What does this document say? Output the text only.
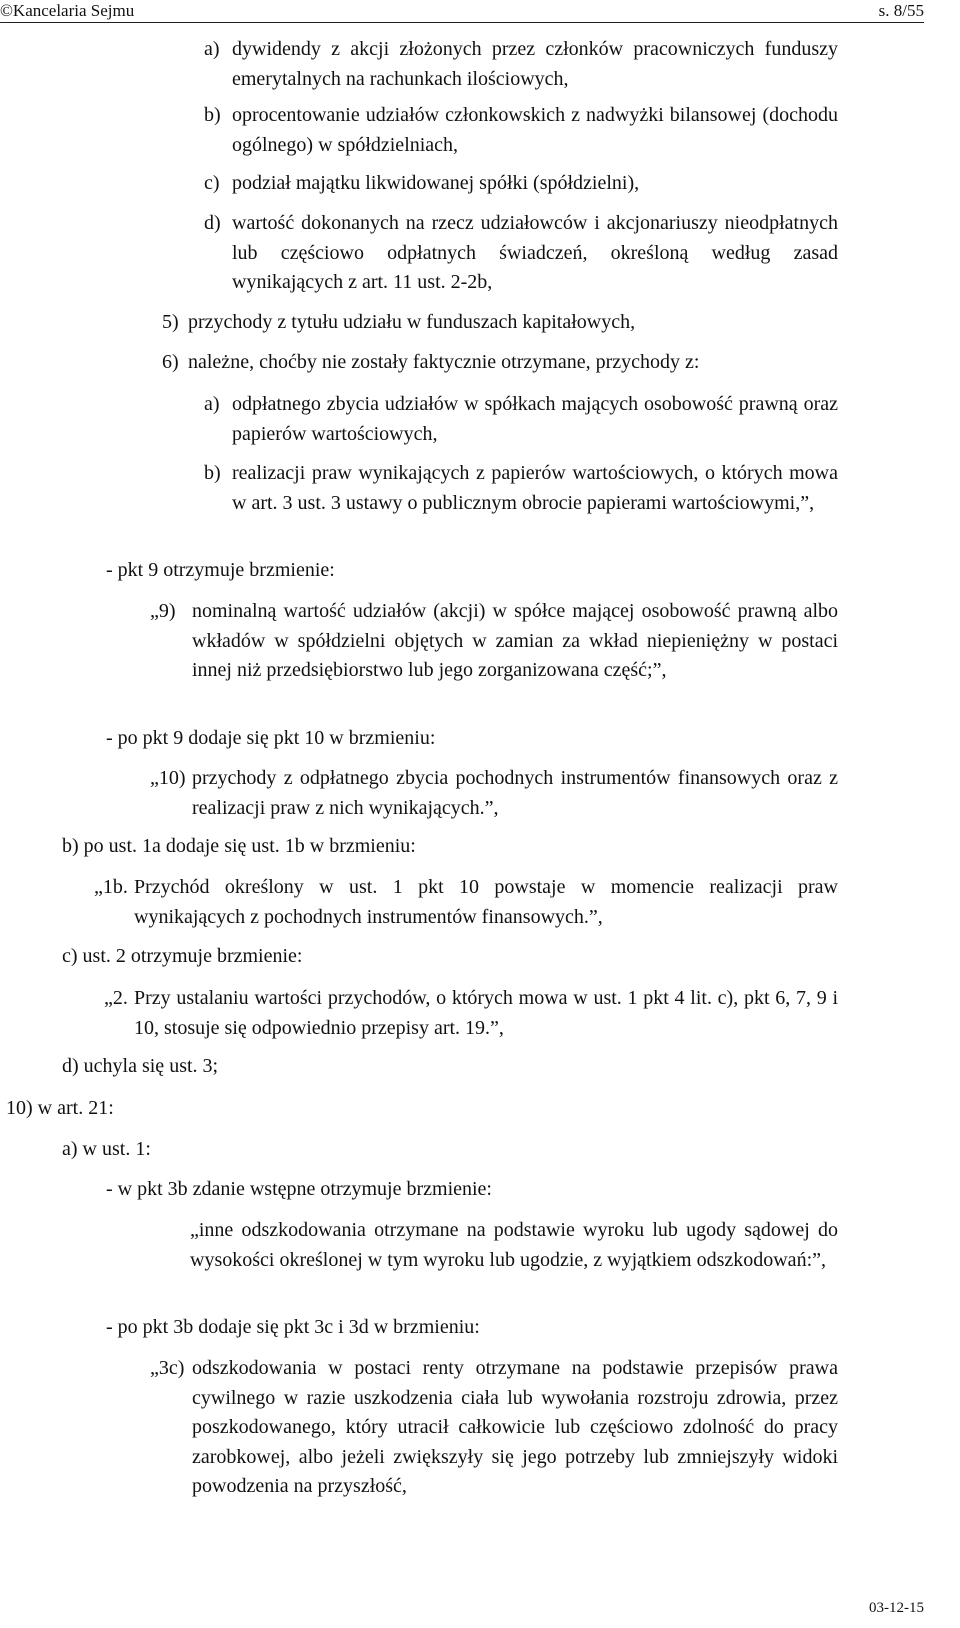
©Kancelaria Sejmu	s. 8/55
a) dywidendy z akcji złożonych przez członków pracowniczych funduszy emerytalnych na rachunkach ilościowych,
b) oprocentowanie udziałów członkowskich z nadwyżki bilansowej (dochodu ogólnego) w spółdzielniach,
c) podział majątku likwidowanej spółki (spółdzielni),
d) wartość dokonanych na rzecz udziałowców i akcjonariuszy nieodpłatnych lub częściowo odpłatnych świadczeń, określoną według zasad wynikających z art. 11 ust. 2-2b,
5) przychody z tytułu udziału w funduszach kapitałowych,
6) należne, choćby nie zostały faktycznie otrzymane, przychody z:
a) odpłatnego zbycia udziałów w spółkach mających osobowość prawną oraz papierów wartościowych,
b) realizacji praw wynikających z papierów wartościowych, o których mowa w art. 3 ust. 3 ustawy o publicznym obrocie papierami wartościowymi,”,
- pkt 9 otrzymuje brzmienie:
„9) nominalną wartość udziałów (akcji) w spółce mającej osobowość prawną albo wkładów w spółdzielni objętych w zamian za wkład niepieniężny w postaci innej niż przedsiębiorstwo lub jego zorganizowana część;”,
- po pkt 9 dodaje się pkt 10 w brzmieniu:
„10) przychody z odpłatnego zbycia pochodnych instrumentów finansowych oraz z realizacji praw z nich wynikających.”,
b) po ust. 1a dodaje się ust. 1b w brzmieniu:
„1b. Przychód określony w ust. 1 pkt 10 powstaje w momencie realizacji praw wynikających z pochodnych instrumentów finansowych.”,
c) ust. 2 otrzymuje brzmienie:
„2. Przy ustalaniu wartości przychodów, o których mowa w ust. 1 pkt 4 lit. c), pkt 6, 7, 9 i 10, stosuje się odpowiednio przepisy art. 19.”,
d) uchyla się ust. 3;
10) w art. 21:
a) w ust. 1:
- w pkt 3b zdanie wstępne otrzymuje brzmienie:
„inne odszkodowania otrzymane na podstawie wyroku lub ugody sądowej do wysokości określonej w tym wyroku lub ugodzie, z wyjątkiem odszkodowań:”,
- po pkt 3b dodaje się pkt 3c i 3d w brzmieniu:
„3c) odszkodowania w postaci renty otrzymane na podstawie przepisów prawa cywilnego w razie uszkodzenia ciała lub wywołania rozstroju zdrowia, przez poszkodowanego, który utracił całkowicie lub częściowo zdolność do pracy zarobkowej, albo jeżeli zwiększyły się jego potrzeby lub zmniejszyły widoki powodzenia na przyszłość,
03-12-15
